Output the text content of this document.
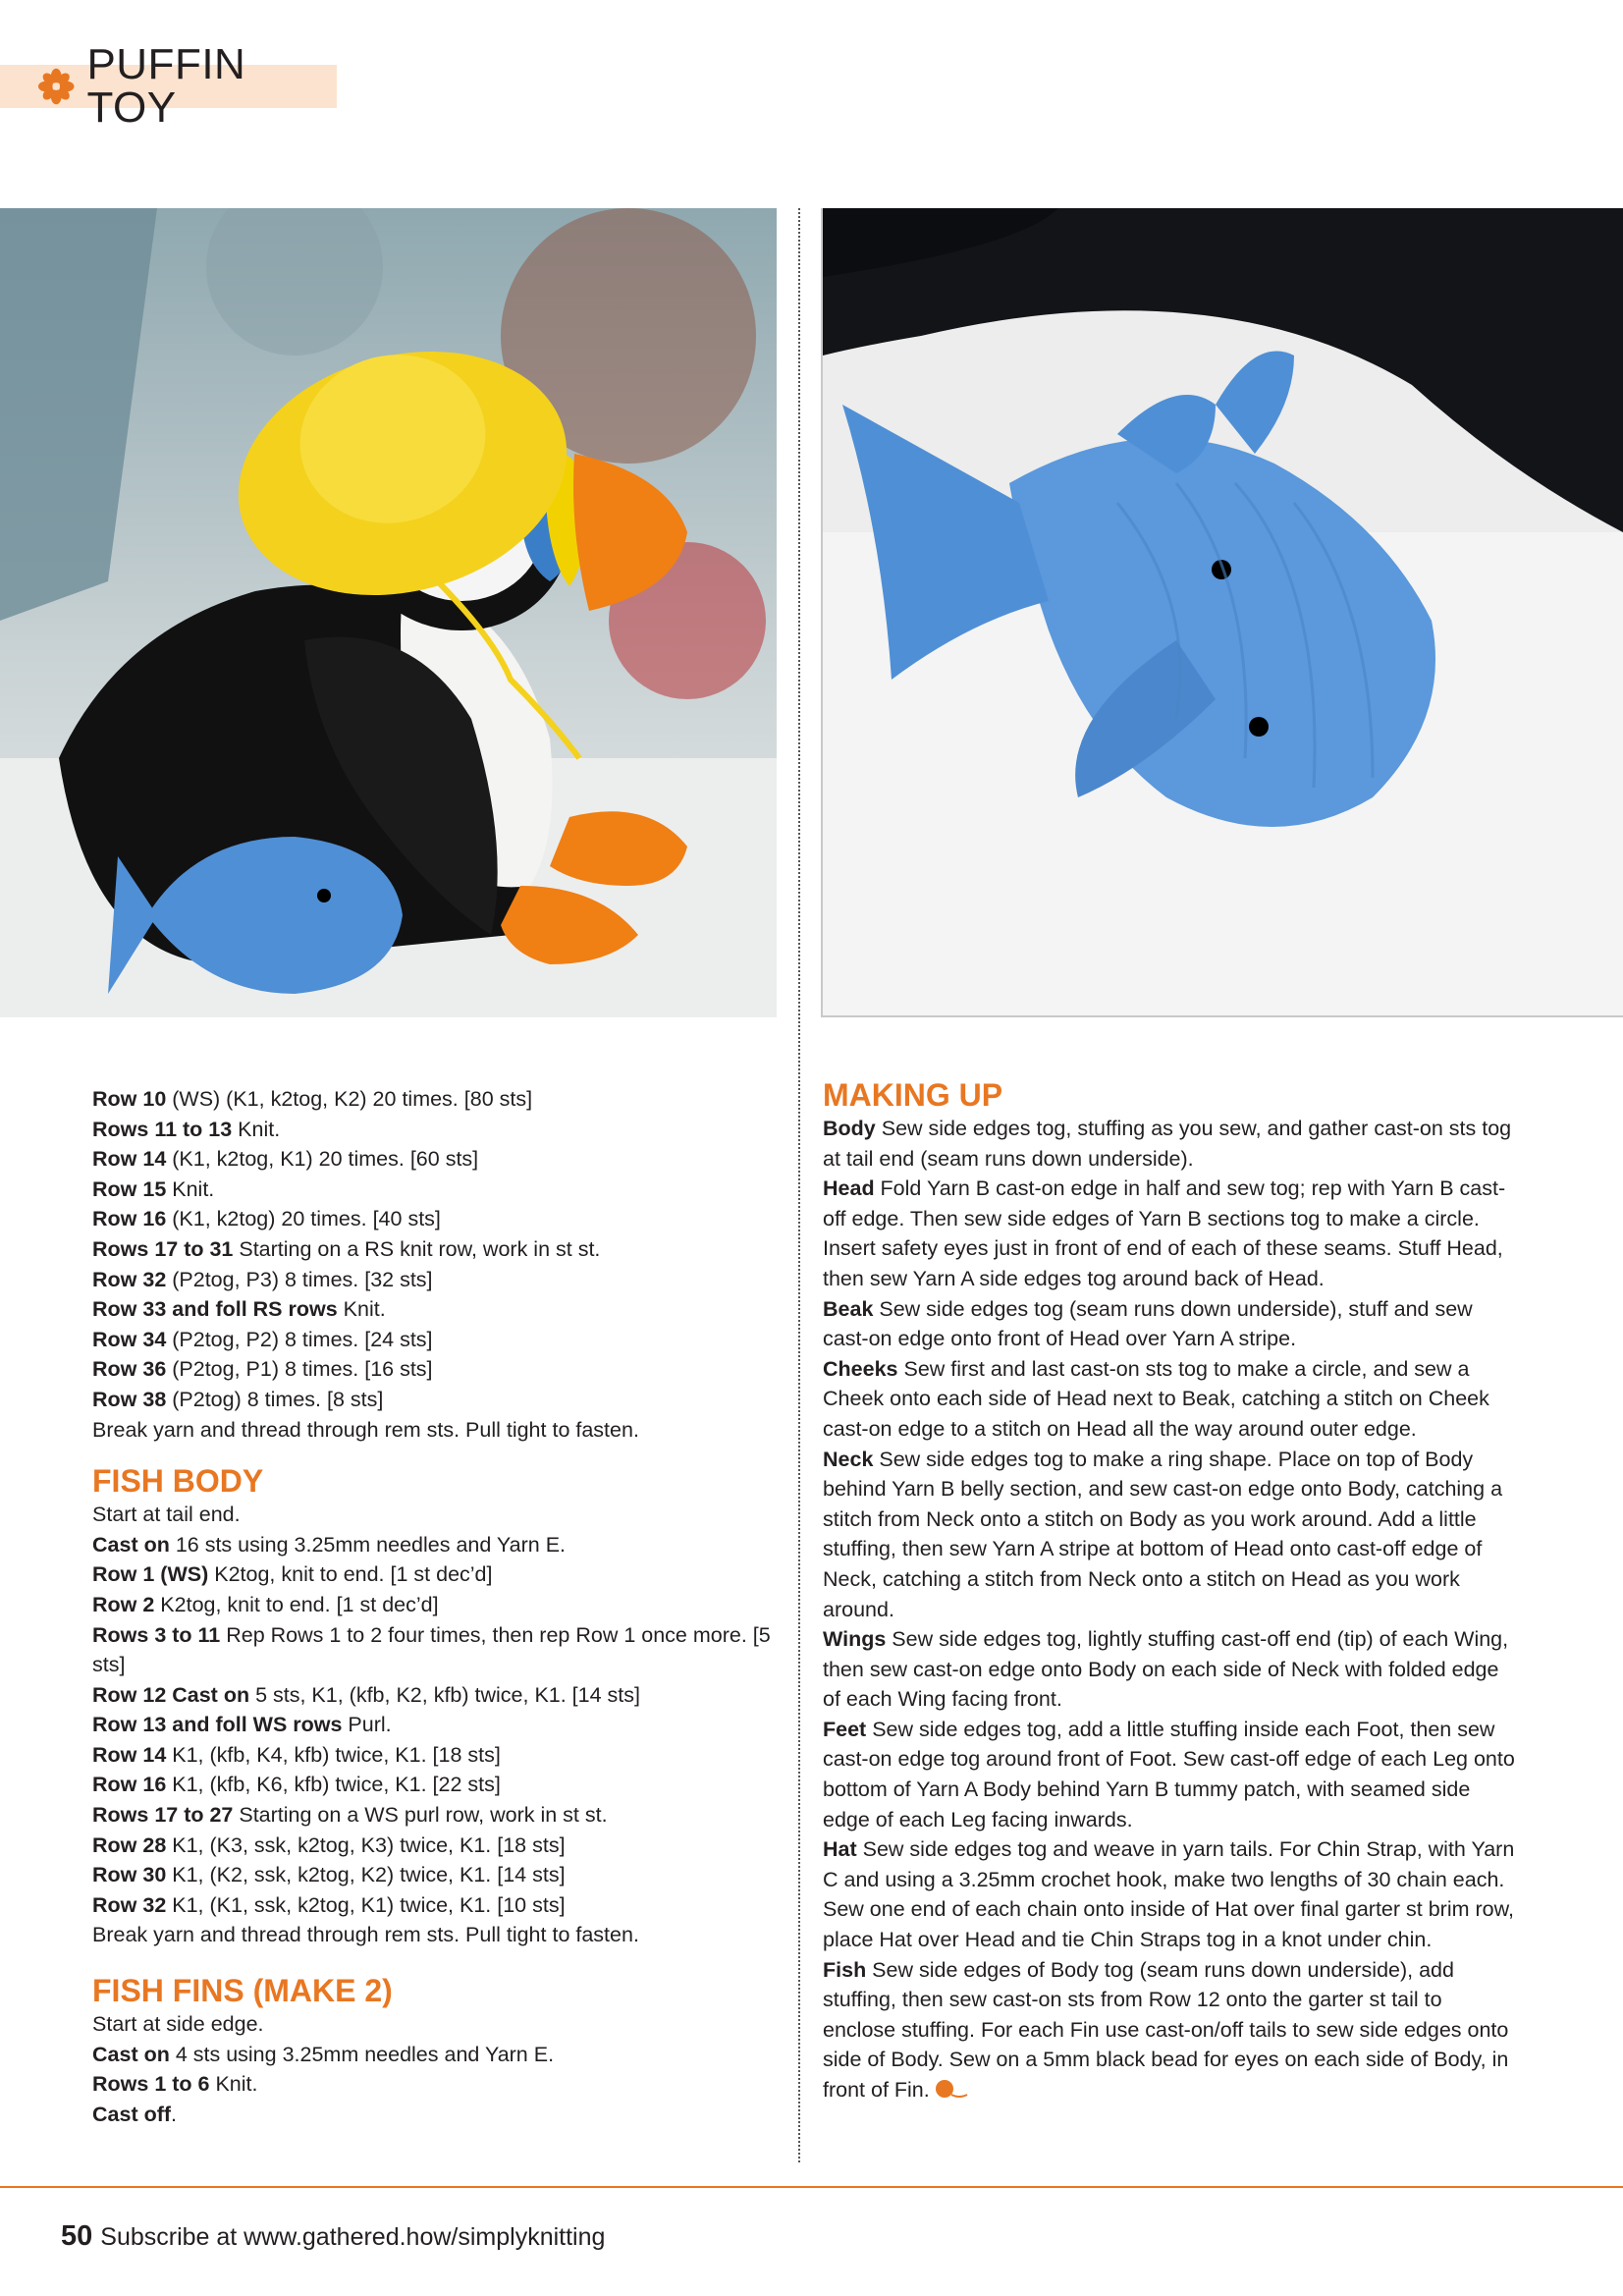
PUFFIN TOY

Row 10 (WS) (K1, k2tog, K2) 20 times. [80 sts]

Rows 11 to 13 Knit.

Row 14 (K1, k2tog, K1) 20 times. [60 sts]

Row 15 Knit.

Row 16 (K1, k2tog) 20 times. [40 sts]

Rows 17 to 31 Starting on a RS knit row, work in st st.

Row 32 (P2tog, P3) 8 times. [32 sts]

Row 33 and foll RS rows Knit.

Row 34 (P2tog, P2) 8 times. [24 sts]

Row 36 (P2tog, P1) 8 times. [16 sts]

Row 38 (P2tog) 8 times. [8 sts]

Break yarn and thread through rem sts. Pull tight to fasten.

FISH BODY

Start at tail end.

Cast on 16 sts using 3.25mm needles and Yarn E.

Row 1 (WS) K2tog, knit to end. [1 st dec’d]

Row 2 K2tog, knit to end. [1 st dec’d]

Rows 3 to 11 Rep Rows 1 to 2 four times, then rep Row 1 once more. [5 sts]

Row 12 Cast on 5 sts, K1, (kfb, K2, kfb) twice, K1. [14 sts]

Row 13 and foll WS rows Purl.

Row 14 K1, (kfb, K4, kfb) twice, K1. [18 sts]

Row 16 K1, (kfb, K6, kfb) twice, K1. [22 sts]

Rows 17 to 27 Starting on a WS purl row, work in st st.

Row 28 K1, (K3, ssk, k2tog, K3) twice, K1. [18 sts]

Row 30 K1, (K2, ssk, k2tog, K2) twice, K1. [14 sts]

Row 32 K1, (K1, ssk, k2tog, K1) twice, K1. [10 sts]

Break yarn and thread through rem sts. Pull tight to fasten.

FISH FINS (MAKE 2)

Start at side edge.

Cast on 4 sts using 3.25mm needles and Yarn E.

Rows 1 to 6 Knit.

Cast off.

MAKING UP

Body Sew side edges tog, stuffing as you sew, and gather cast-on sts tog at tail end (seam runs down underside).

Head Fold Yarn B cast-on edge in half and sew tog; rep with Yarn B cast-off edge. Then sew side edges of Yarn B sections tog to make a circle. Insert safety eyes just in front of end of each of these seams. Stuff Head, then sew Yarn A side edges tog around back of Head.

Beak Sew side edges tog (seam runs down underside), stuff and sew cast-on edge onto front of Head over Yarn A stripe.

Cheeks Sew first and last cast-on sts tog to make a circle, and sew a Cheek onto each side of Head next to Beak, catching a stitch on Cheek cast-on edge to a stitch on Head all the way around outer edge.

Neck Sew side edges tog to make a ring shape. Place on top of Body behind Yarn B belly section, and sew cast-on edge onto Body, catching a stitch from Neck onto a stitch on Body as you work around. Add a little stuffing, then sew Yarn A stripe at bottom of Head onto cast-off edge of Neck, catching a stitch from Neck onto a stitch on Head as you work around.

Wings Sew side edges tog, lightly stuffing cast-off end (tip) of each Wing, then sew cast-on edge onto Body on each side of Neck with folded edge of each Wing facing front.

Feet Sew side edges tog, add a little stuffing inside each Foot, then sew cast-on edge tog around front of Foot. Sew cast-off edge of each Leg onto bottom of Yarn A Body behind Yarn B tummy patch, with seamed side edge of each Leg facing inwards.

Hat Sew side edges tog and weave in yarn tails. For Chin Strap, with Yarn C and using a 3.25mm crochet hook, make two lengths of 30 chain each. Sew one end of each chain onto inside of Hat over final garter st brim row, place Hat over Head and tie Chin Straps tog in a knot under chin.

Fish Sew side edges of Body tog (seam runs down underside), add stuffing, then sew cast-on sts from Row 12 onto the garter st tail to enclose stuffing. For each Fin use cast-on/off tails to sew side edges onto side of Body. Sew on a 5mm black bead for eyes on each side of Body, in front of Fin.

50 Subscribe at www.gathered.how/simplyknitting
